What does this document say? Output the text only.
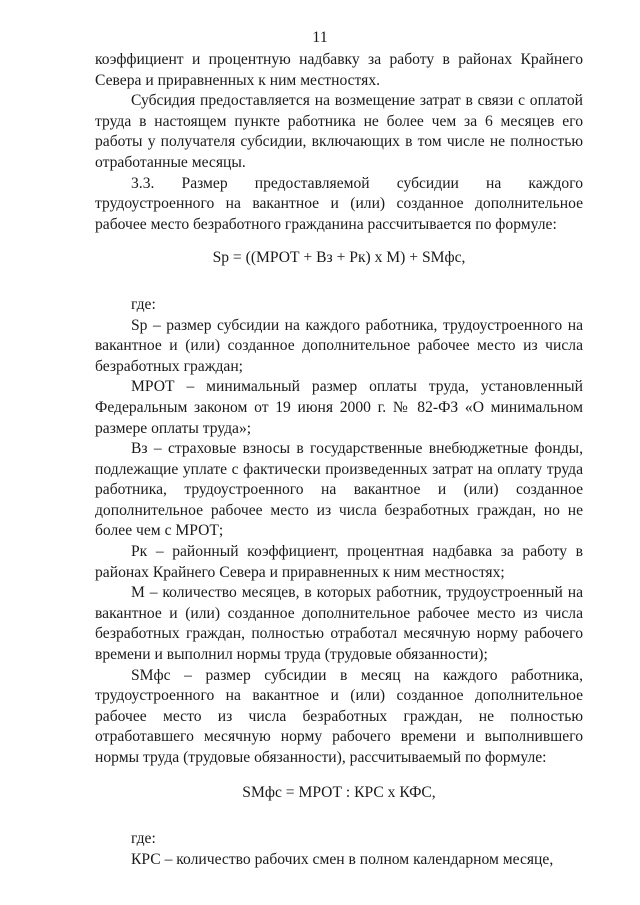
11

коэффициент и процентную надбавку за работу в районах Крайнего Севера и приравненных к ним местностях.

Субсидия предоставляется на возмещение затрат в связи с оплатой труда в настоящем пункте работника не более чем за 6 месяцев его работы у получателя субсидии, включающих в том числе не полностью отработанные месяцы.

3.3. Размер предоставляемой субсидии на каждого трудоустроенного на вакантное и (или) созданное дополнительное рабочее место безработного гражданина рассчитывается по формуле:

Sp = ((МРОТ + Вз + Рк) х М) + SМфс,

где:

Sp – размер субсидии на каждого работника, трудоустроенного на вакантное и (или) созданное дополнительное рабочее место из числа безработных граждан;

МРОТ – минимальный размер оплаты труда, установленный Федеральным законом от 19 июня 2000 г. № 82-ФЗ «О минимальном размере оплаты труда»;

Вз – страховые взносы в государственные внебюджетные фонды, подлежащие уплате с фактически произведенных затрат на оплату труда работника, трудоустроенного на вакантное и (или) созданное дополнительное рабочее место из числа безработных граждан, но не более чем с МРОТ;

Рк – районный коэффициент, процентная надбавка за работу в районах Крайнего Севера и приравненных к ним местностях;

М – количество месяцев, в которых работник, трудоустроенный на вакантное и (или) созданное дополнительное рабочее место из числа безработных граждан, полностью отработал месячную норму рабочего времени и выполнил нормы труда (трудовые обязанности);

SМфс – размер субсидии в месяц на каждого работника, трудоустроенного на вакантное и (или) созданное дополнительное рабочее место из числа безработных граждан, не полностью отработавшего месячную норму рабочего времени и выполнившего нормы труда (трудовые обязанности), рассчитываемый по формуле:

SМфс = МРОТ : КРС х КФС,

где:

КРС – количество рабочих смен в полном календарном месяце,
